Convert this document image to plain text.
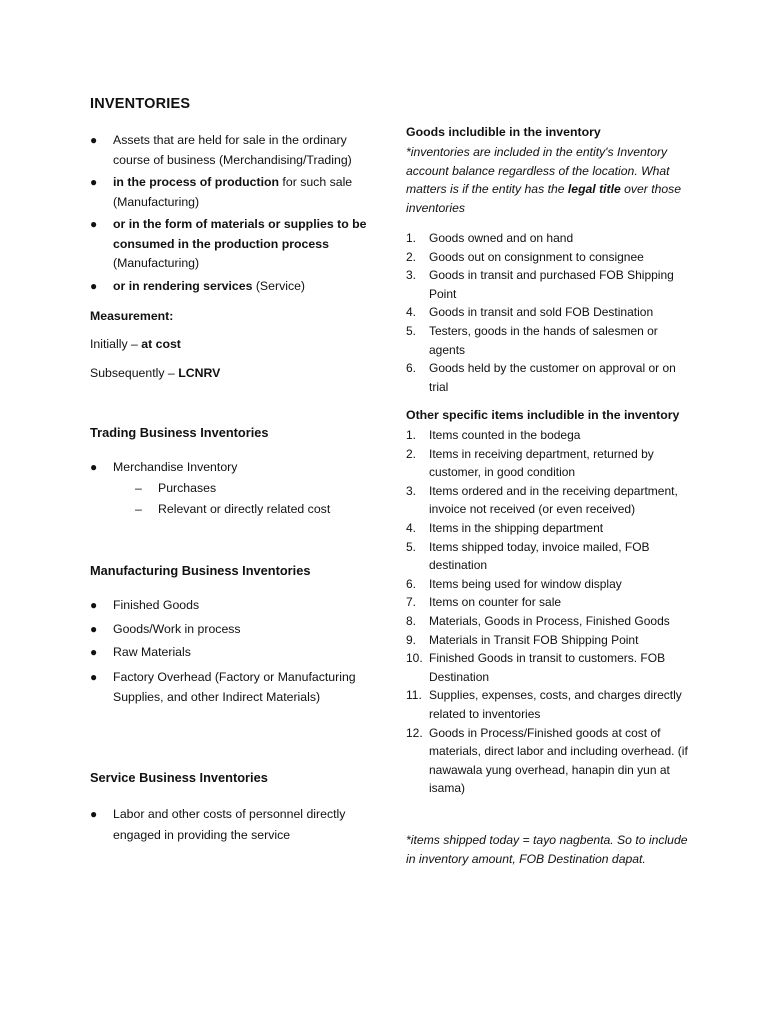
INVENTORIES
● Assets that are held for sale in the ordinary course of business (Merchandising/Trading)
● in the process of production for such sale (Manufacturing)
● or in the form of materials or supplies to be consumed in the production process (Manufacturing)
● or in rendering services (Service)
Measurement:
Initially – at cost
Subsequently – LCNRV
Trading Business Inventories
● Merchandise Inventory
– Purchases
– Relevant or directly related cost
Manufacturing Business Inventories
● Finished Goods
● Goods/Work in process
● Raw Materials
● Factory Overhead (Factory or Manufacturing Supplies, and other Indirect Materials)
Service Business Inventories
● Labor and other costs of personnel directly engaged in providing the service
Goods includible in the inventory
*inventories are included in the entity's Inventory account balance regardless of the location. What matters is if the entity has the legal title over those inventories
1. Goods owned and on hand
2. Goods out on consignment to consignee
3. Goods in transit and purchased FOB Shipping Point
4. Goods in transit and sold FOB Destination
5. Testers, goods in the hands of salesmen or agents
6. Goods held by the customer on approval or on trial
Other specific items includible in the inventory
1. Items counted in the bodega
2. Items in receiving department, returned by customer, in good condition
3. Items ordered and in the receiving department, invoice not received (or even received)
4. Items in the shipping department
5. Items shipped today, invoice mailed, FOB destination
6. Items being used for window display
7. Items on counter for sale
8. Materials, Goods in Process, Finished Goods
9. Materials in Transit FOB Shipping Point
10. Finished Goods in transit to customers. FOB Destination
11. Supplies, expenses, costs, and charges directly related to inventories
12. Goods in Process/Finished goods at cost of materials, direct labor and including overhead. (if nawawala yung overhead, hanapin din yun at isama)
*items shipped today = tayo nagbenta. So to include in inventory amount, FOB Destination dapat.
